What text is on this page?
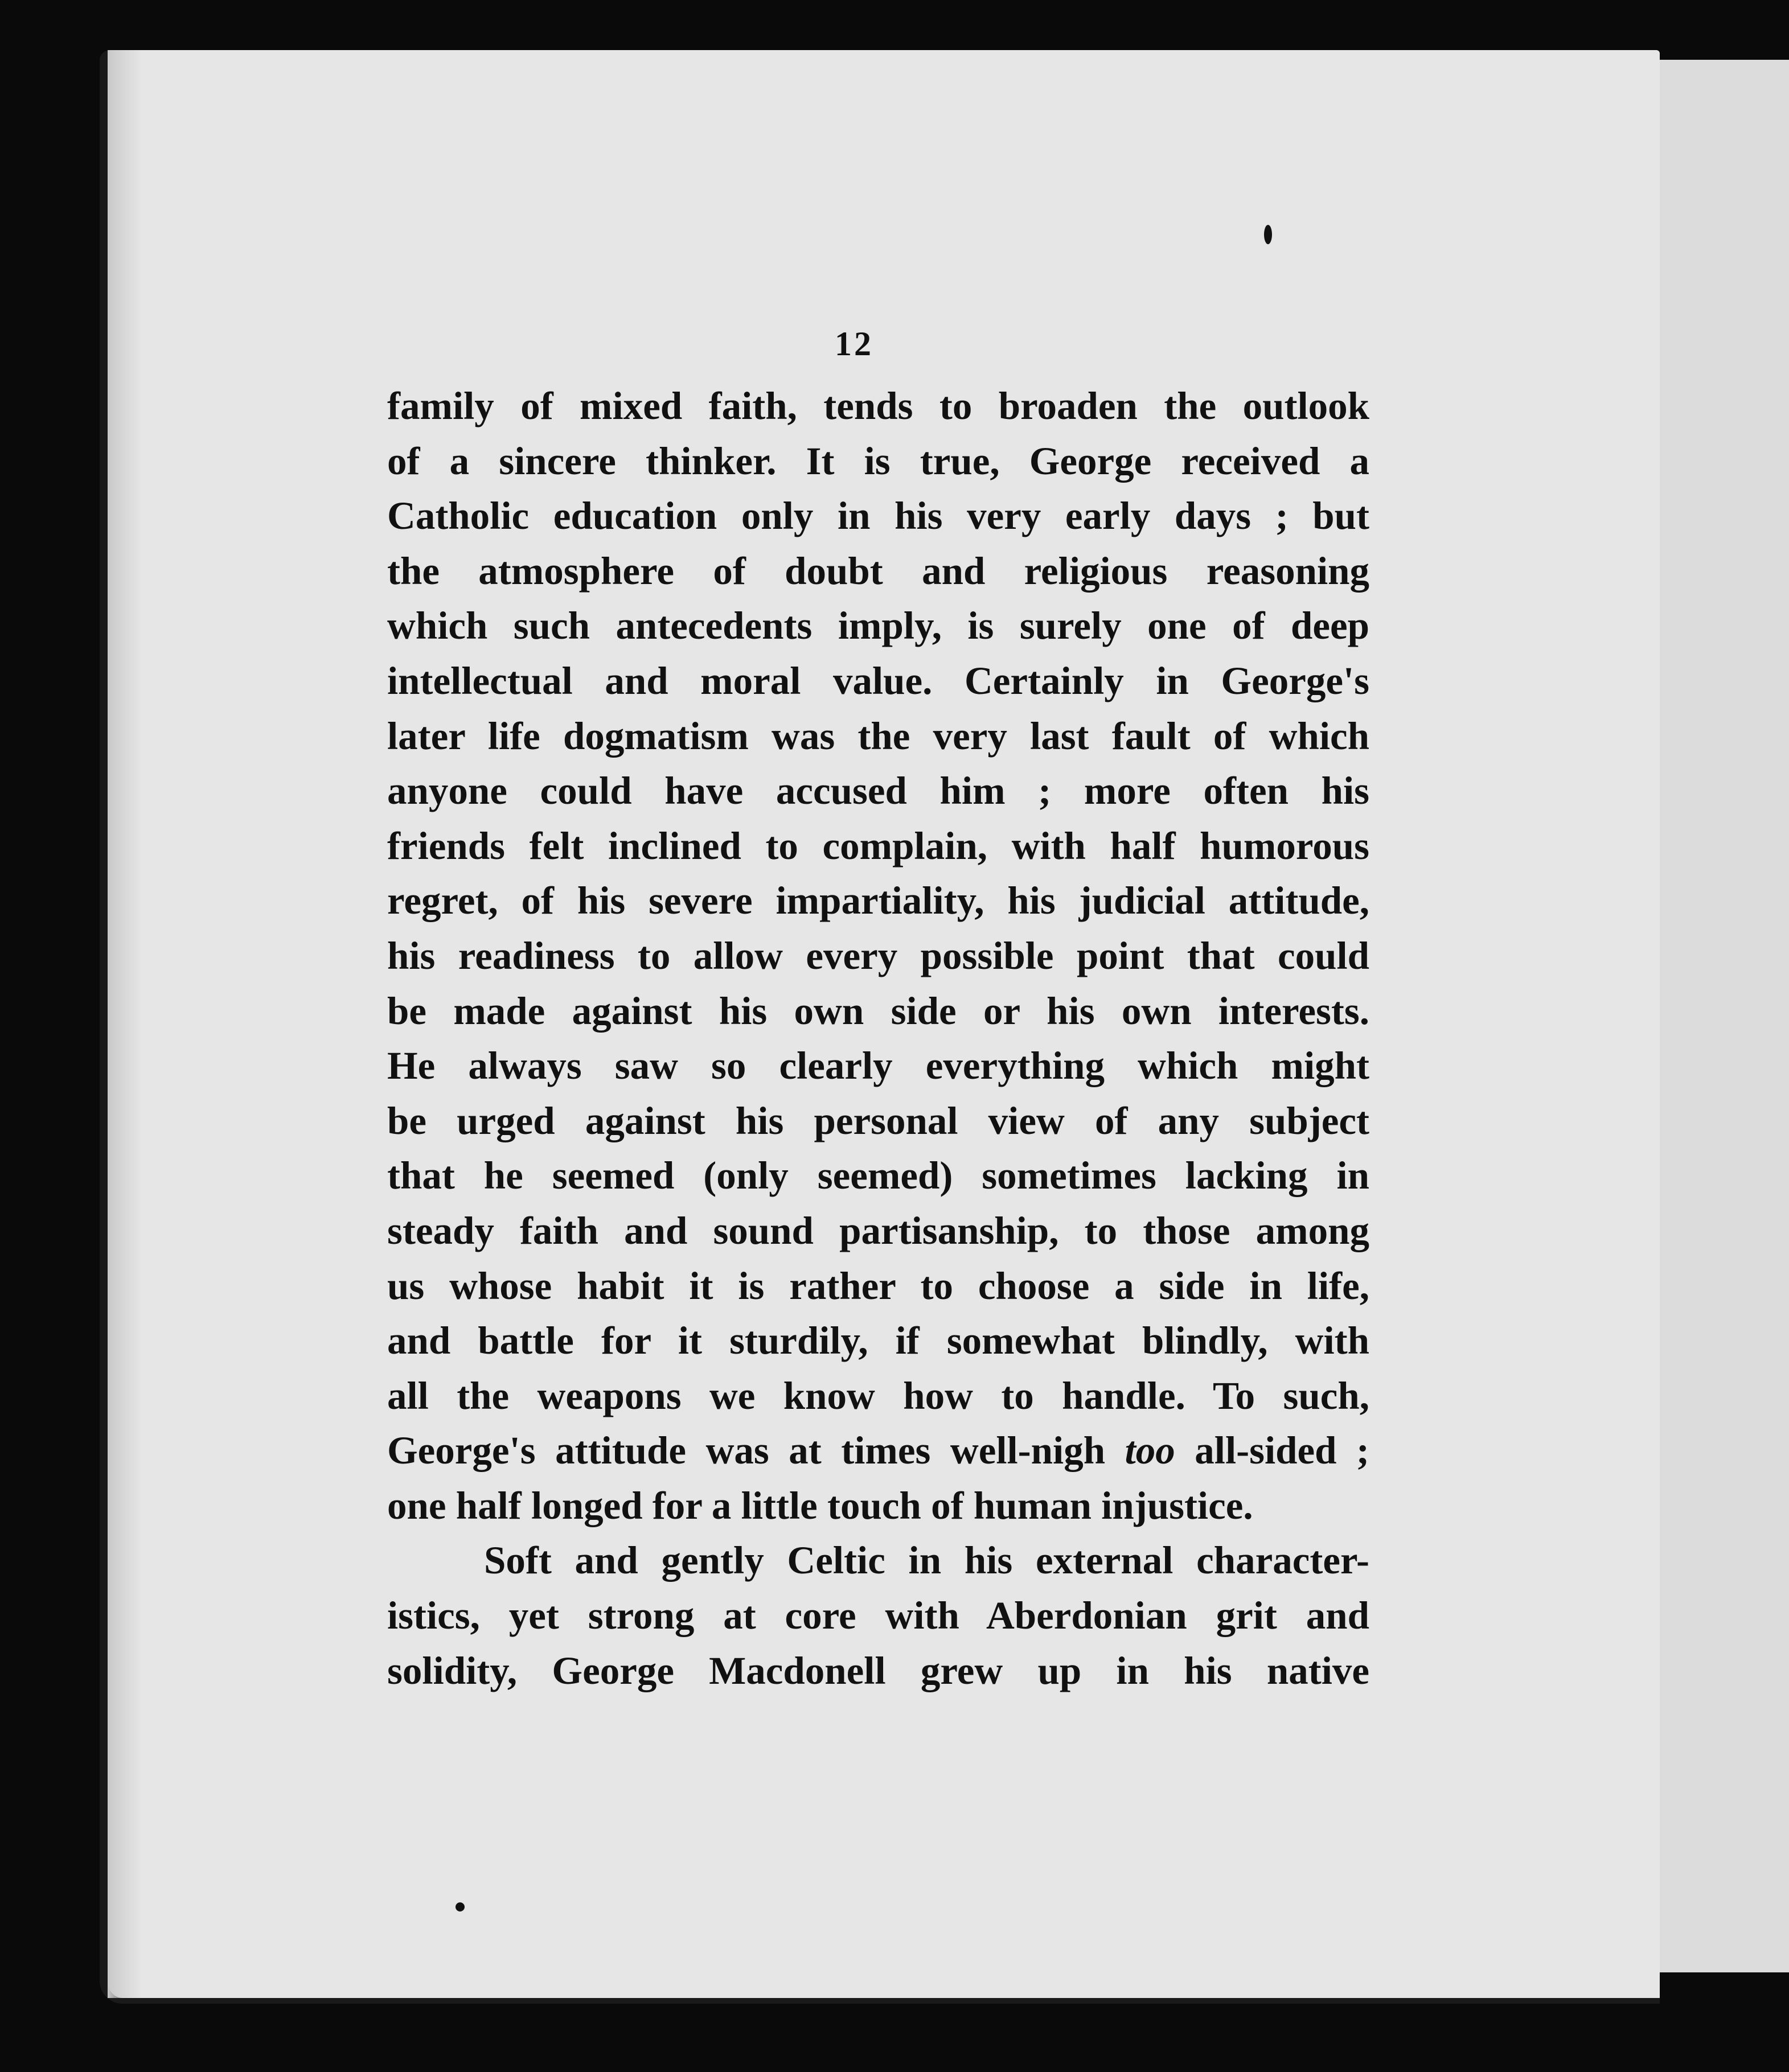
12
family of mixed faith, tends to broaden the outlook
of a sincere thinker. It is true, George received a
Catholic education only in his very early days ; but
the atmosphere of doubt and religious reasoning
which such antecedents imply, is surely one of deep
intellectual and moral value. Certainly in George's
later life dogmatism was the very last fault of which
anyone could have accused him ; more often his
friends felt inclined to complain, with half humorous
regret, of his severe impartiality, his judicial attitude,
his readiness to allow every possible point that could
be made against his own side or his own interests.
He always saw so clearly everything which might
be urged against his personal view of any subject
that he seemed (only seemed) sometimes lacking in
steady faith and sound partisanship, to those among
us whose habit it is rather to choose a side in life,
and battle for it sturdily, if somewhat blindly, with
all the weapons we know how to handle. To such,
George's attitude was at times well-nigh too all-sided ;
one half longed for a little touch of human injustice.
Soft and gently Celtic in his external character-
istics, yet strong at core with Aberdonian grit and
solidity, George Macdonell grew up in his native
